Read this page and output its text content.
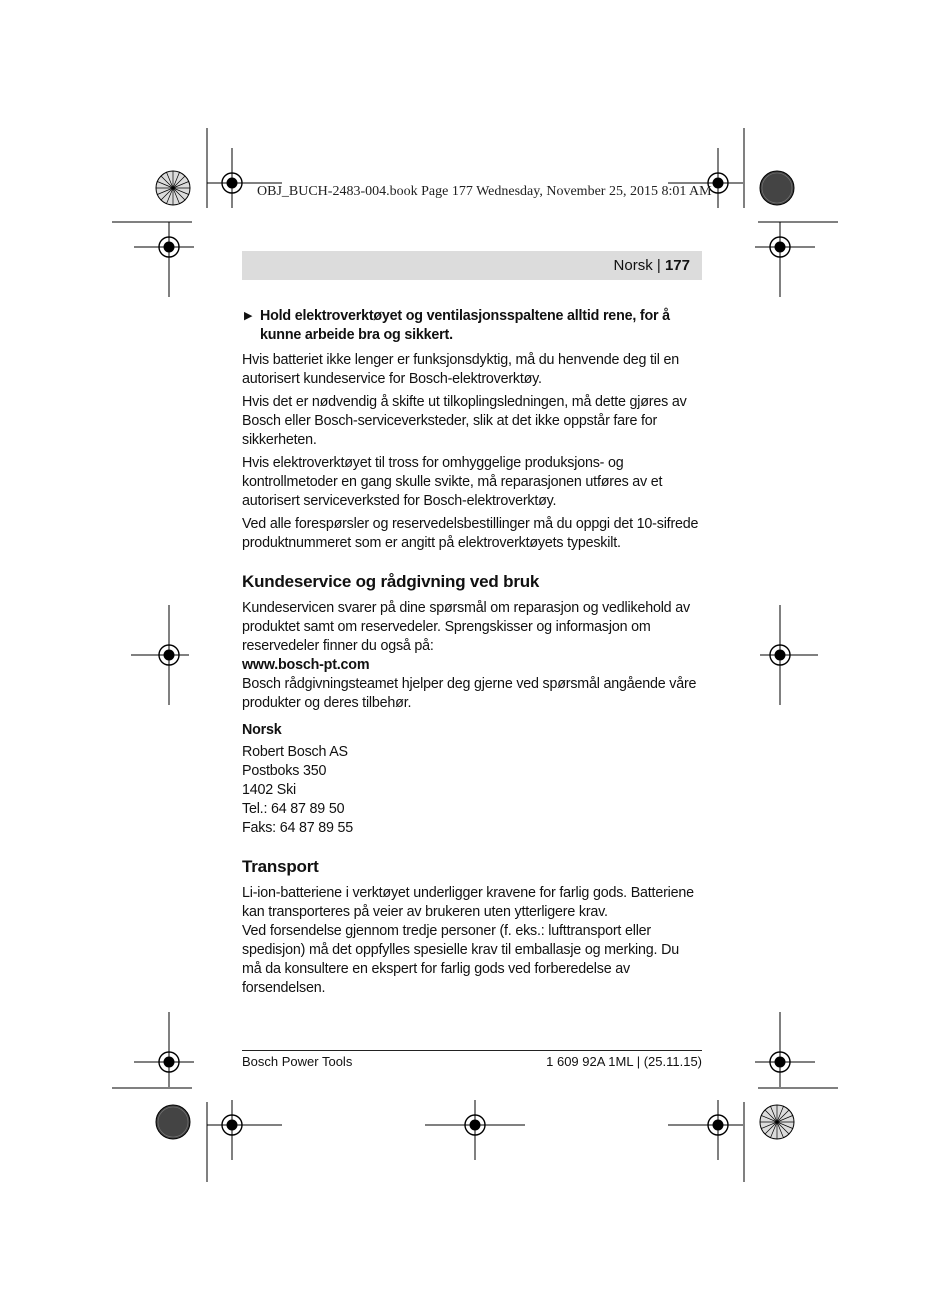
OBJ_BUCH-2483-004.book Page 177 Wednesday, November 25, 2015 8:01 AM
Norsk | 177

▶ Hold elektroverktøyet og ventilasjonsspaltene alltid rene, for å kunne arbeide bra og sikkert.

Hvis batteriet ikke lenger er funksjonsdyktig, må du henvende deg til en autorisert kundeservice for Bosch-elektroverktøy.

Hvis det er nødvendig å skifte ut tilkoplingsledningen, må dette gjøres av Bosch eller Bosch-serviceverksteder, slik at det ikke oppstår fare for sikkerheten.

Hvis elektroverktøyet til tross for omhyggelige produksjons- og kontrollmetoder en gang skulle svikte, må reparasjonen utføres av et autorisert serviceverksted for Bosch-elektroverktøy.

Ved alle forespørsler og reservedelsbestillinger må du oppgi det 10-sifrede produktnummeret som er angitt på elektroverktøyets typeskilt.

Kundeservice og rådgivning ved bruk
Kundeservicen svarer på dine spørsmål om reparasjon og vedlikehold av produktet samt om reservedeler. Sprengskisser og informasjon om reservedeler finner du også på:
www.bosch-pt.com

Bosch rådgivningsteamet hjelper deg gjerne ved spørsmål angående våre produkter og deres tilbehør.

Norsk
Robert Bosch AS
Postboks 350
1402 Ski
Tel.: 64 87 89 50
Faks: 64 87 89 55
Transport
Li-ion-batteriene i verktøyet underligger kravene for farlig gods. Batteriene kan transporteres på veier av brukeren uten ytterligere krav.
Ved forsendelse gjennom tredje personer (f. eks.: lufttransport eller spedisjon) må det oppfylles spesielle krav til emballasje og merking. Du må da konsultere en ekspert for farlig gods ved forberedelse av forsendelsen.
Bosch Power Tools	1 609 92A 1ML | (25.11.15)
